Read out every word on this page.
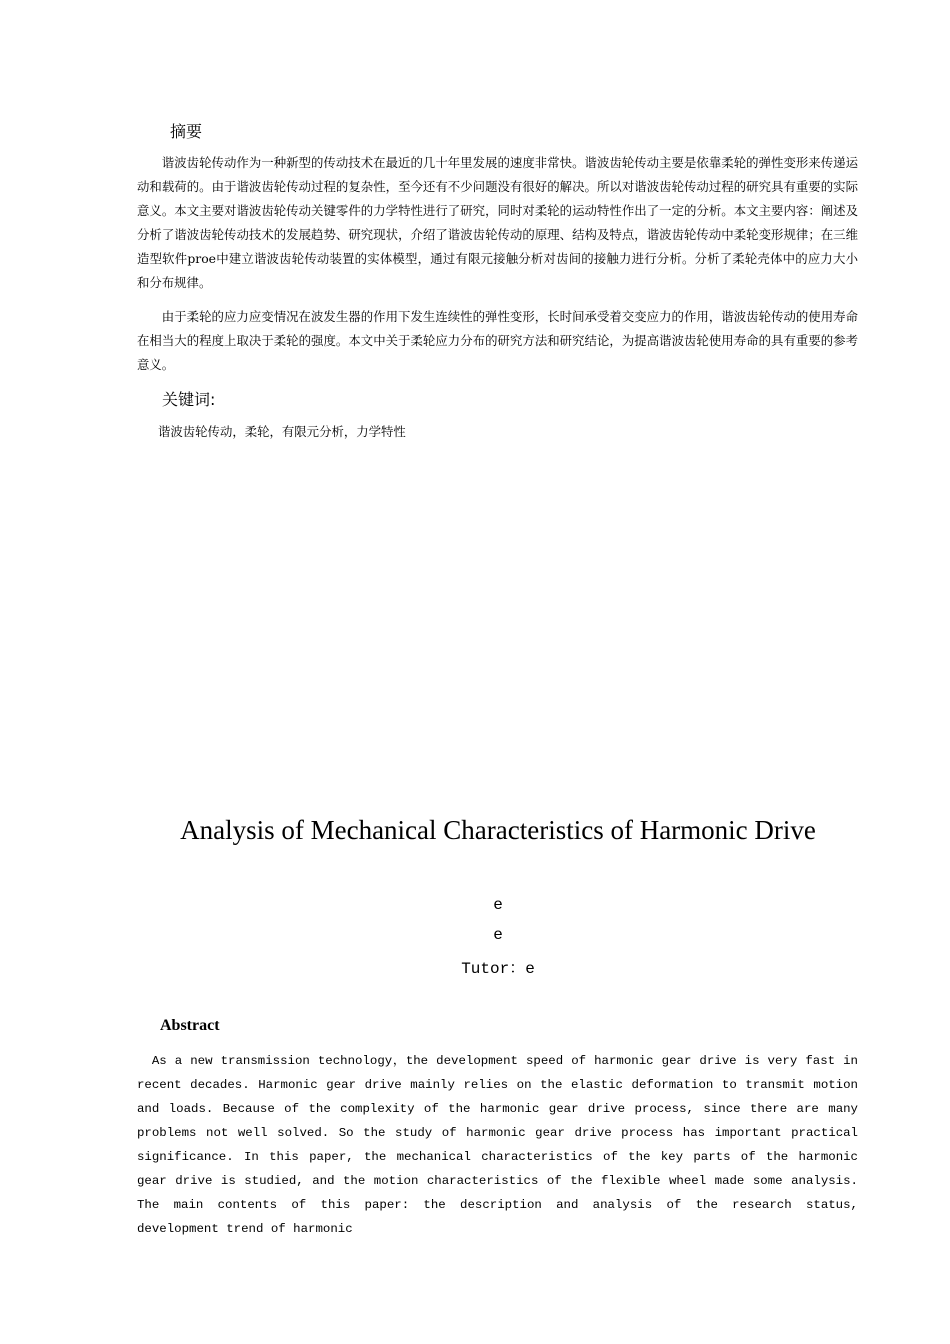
摘要

谐波齿轮传动作为一种新型的传动技术在最近的几十年里发展的速度非常快。谐波齿轮传动主要是依靠柔轮的弹性变形来传递运动和载荷的。由于谐波齿轮传动过程的复杂性，至今还有不少问题没有很好的解决。所以对谐波齿轮传动过程的研究具有重要的实际意义。本文主要对谐波齿轮传动关键零件的力学特性进行了研究，同时对柔轮的运动特性作出了一定的分析。本文主要内容：阐述及分析了谐波齿轮传动技术的发展趋势、研究现状，介绍了谐波齿轮传动的原理、结构及特点，谐波齿轮传动中柔轮变形规律；在三维造型软件proe中建立谐波齿轮传动装置的实体模型，通过有限元接触分析对齿间的接触力进行分析。分析了柔轮壳体中的应力大小和分布规律。

由于柔轮的应力应变情况在波发生器的作用下发生连续性的弹性变形，长时间承受着交变应力的作用，谐波齿轮传动的使用寿命在相当大的程度上取决于柔轮的强度。本文中关于柔轮应力分布的研究方法和研究结论，为提高谐波齿轮使用寿命的具有重要的参考意义。

关键词:
谐波齿轮传动，柔轮，有限元分析，力学特性
Analysis of Mechanical Characteristics of Harmonic Drive
e
e
Tutor：e
Abstract

As a new transmission technology，the development speed of harmonic gear drive is very fast in recent decades. Harmonic gear drive mainly relies on the elastic deformation to transmit motion and loads. Because of the complexity of the harmonic gear drive process, since there are many problems not well solved. So the study of harmonic gear drive process has important practical significance. In this paper, the mechanical characteristics of the key parts of the harmonic gear drive is studied, and the motion characteristics of the flexible wheel made some analysis. The main contents of this paper: the description and analysis of the research status, development trend of harmonic
